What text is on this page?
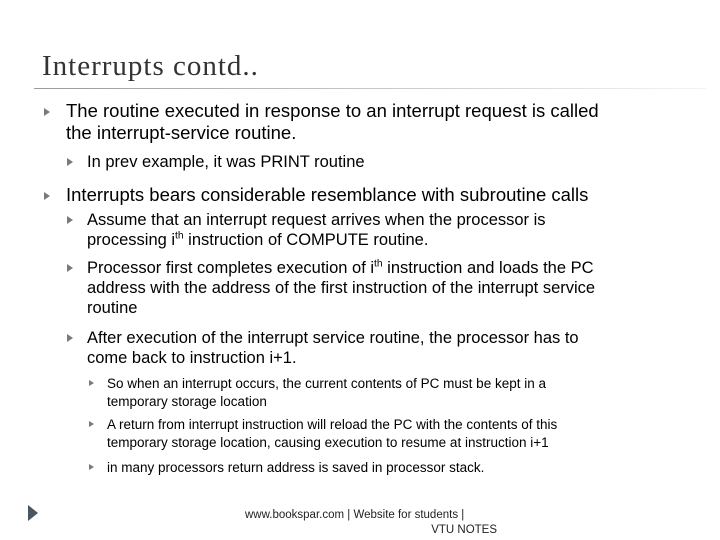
Interrupts contd..
The routine executed in response to an interrupt request is called
the interrupt-service routine.
In prev example, it was PRINT routine
Interrupts bears considerable resemblance with subroutine calls
Assume that an interrupt request arrives when the processor is
processing $i^{th}$ instruction of COMPUTE routine.
Processor first completes execution of $i^{th}$ instruction and loads the PC
address with the address of the first instruction of the interrupt service
routine
After execution of the interrupt service routine, the processor has to
come back to instruction i+1.
So when an interrupt occurs, the current contents of PC must be kept in a
temporary storage location
A return from interrupt instruction will reload the PC with the contents of this
temporary storage location, causing execution to resume at instruction i+1
in many processors return address is saved in processor stack.
www.bookspar.com | Website for students |
VTU NOTES
